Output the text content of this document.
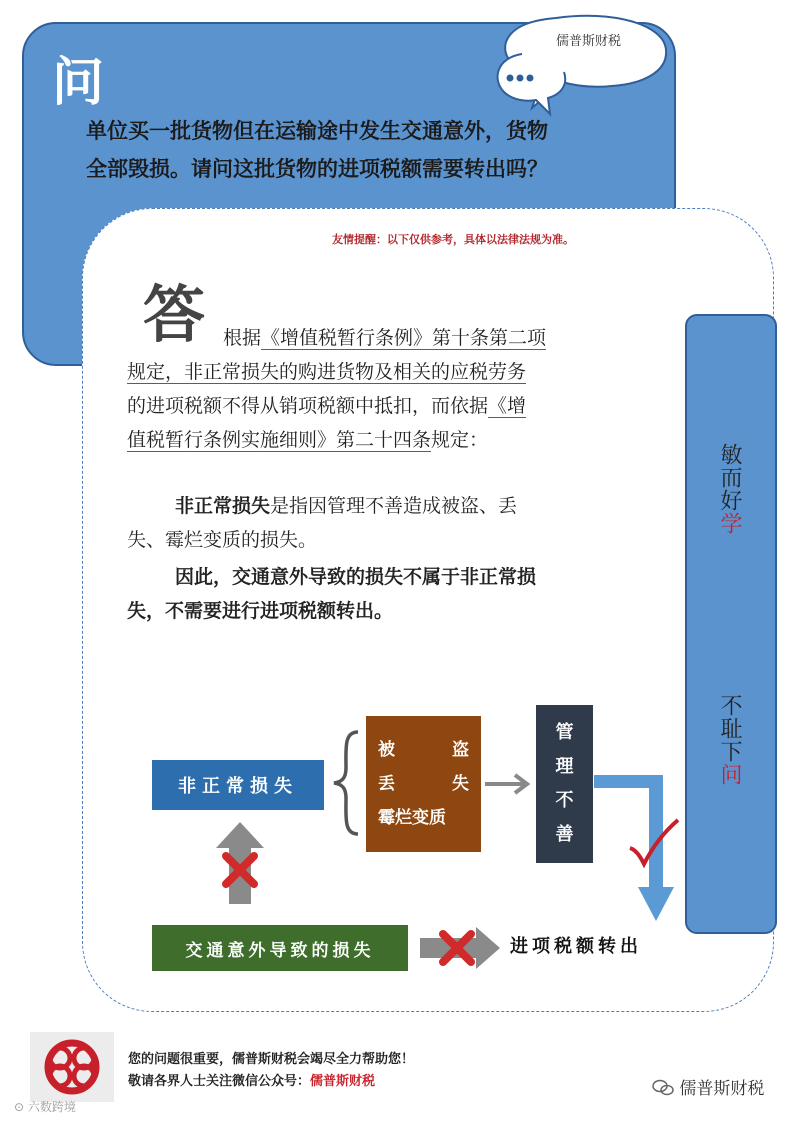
问
单位买一批货物但在运输途中发生交通意外，货物
全部毁损。请问这批货物的进项税额需要转出吗？
儒普斯财税
友情提醒：以下仅供参考，具体以法律法规为准。
答 根据《增值税暂行条例》第十条第二项
规定，非正常损失的购进货物及相关的应税劳务
的进项税额不得从销项税额中抵扣，而依据《增
值税暂行条例实施细则》第二十四条规定：
非正常损失是指因管理不善造成被盗、丢
失、霉烂变质的损失。
因此，交通意外导致的损失不属于非正常损
失，不需要进行进项税额转出。
敏而好学
不耻下问
非正常损失
被	盗
丢	失
霉烂变质
管
理
不
善
交通意外导致的损失	进项税额转出
您的问题很重要，儒普斯财税会竭尽全力帮助您！
敬请各界人士关注微信公众号：儒普斯财税	儒普斯财税
⊙ 六数跨境
